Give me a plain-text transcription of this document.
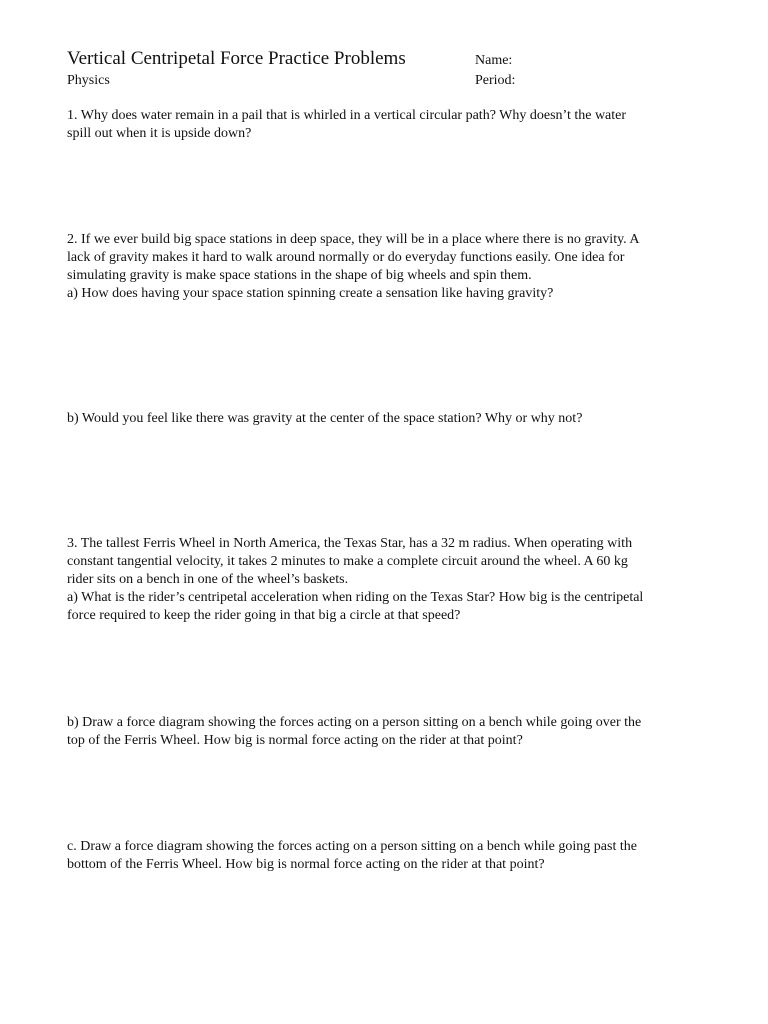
Vertical Centripetal Force Practice Problems
Physics
Name:
Period:
1. Why does water remain in a pail that is whirled in a vertical circular path? Why doesn’t the water
spill out when it is upside down?
2. If we ever build big space stations in deep space, they will be in a place where there is no gravity. A
lack of gravity makes it hard to walk around normally or do everyday functions easily. One idea for
simulating gravity is make space stations in the shape of big wheels and spin them.
a) How does having your space station spinning create a sensation like having gravity?
b) Would you feel like there was gravity at the center of the space station? Why or why not?
3. The tallest Ferris Wheel in North America, the Texas Star, has a 32 m radius. When operating with
constant tangential velocity, it takes 2 minutes to make a complete circuit around the wheel. A 60 kg
rider sits on a bench in one of the wheel’s baskets.
a) What is the rider’s centripetal acceleration when riding on the Texas Star? How big is the centripetal
force required to keep the rider going in that big a circle at that speed?
b) Draw a force diagram showing the forces acting on a person sitting on a bench while going over the
top of the Ferris Wheel. How big is normal force acting on the rider at that point?
c. Draw a force diagram showing the forces acting on a person sitting on a bench while going past the
bottom of the Ferris Wheel. How big is normal force acting on the rider at that point?
